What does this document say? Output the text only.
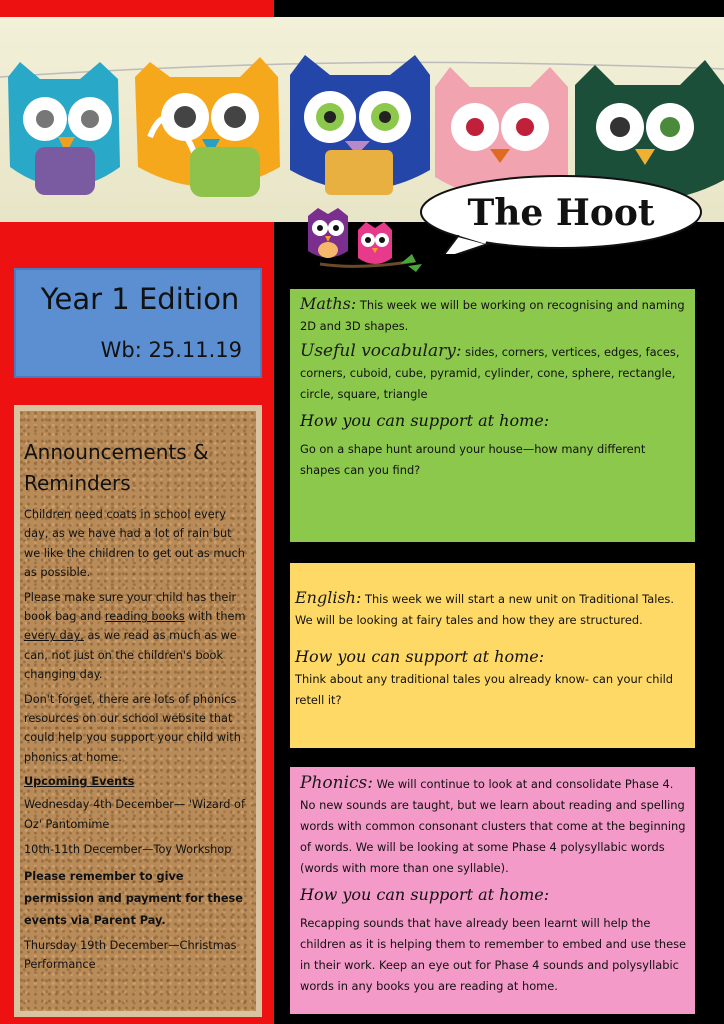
The Hoot
Year 1 Edition
Wb: 25.11.19
Announcements &
Reminders

Children need coats in school every day, as we have had a lot of rain but we like the children to get out as much as possible.

Please make sure your child has their book bag and reading books with them every day, as we read as much as we can, not just on the children's book changing day.

Don't forget, there are lots of phonics resources on our school website that could help you support your child with phonics at home.

Upcoming Events
Wednesday 4th December— 'Wizard of Oz' Pantomime
10th-11th December—Toy Workshop
Please remember to give permission and payment for these events via Parent Pay.
Thursday 19th December—Christmas Performance
Maths: This week we will be working on recognising and naming 2D and 3D shapes.
Useful vocabulary: sides, corners, vertices, edges, faces, corners, cuboid, cube, pyramid, cylinder, cone, sphere, rectangle, circle, square, triangle
How you can support at home:
Go on a shape hunt around your house—how many different shapes can you find?
English: This week we will start a new unit on Traditional Tales. We will be looking at fairy tales and how they are structured.
How you can support at home:
Think about any traditional tales you already know- can your child retell it?
Phonics: We will continue to look at and consolidate Phase 4. No new sounds are taught, but we learn about reading and spelling words with common consonant clusters that come at the beginning of words. We will be looking at some Phase 4 polysyllabic words (words with more than one syllable).
How you can support at home:
Recapping sounds that have already been learnt will help the children as it is helping them to remember to embed and use these in their work. Keep an eye out for Phase 4 sounds and polysyllabic words in any books you are reading at home.
